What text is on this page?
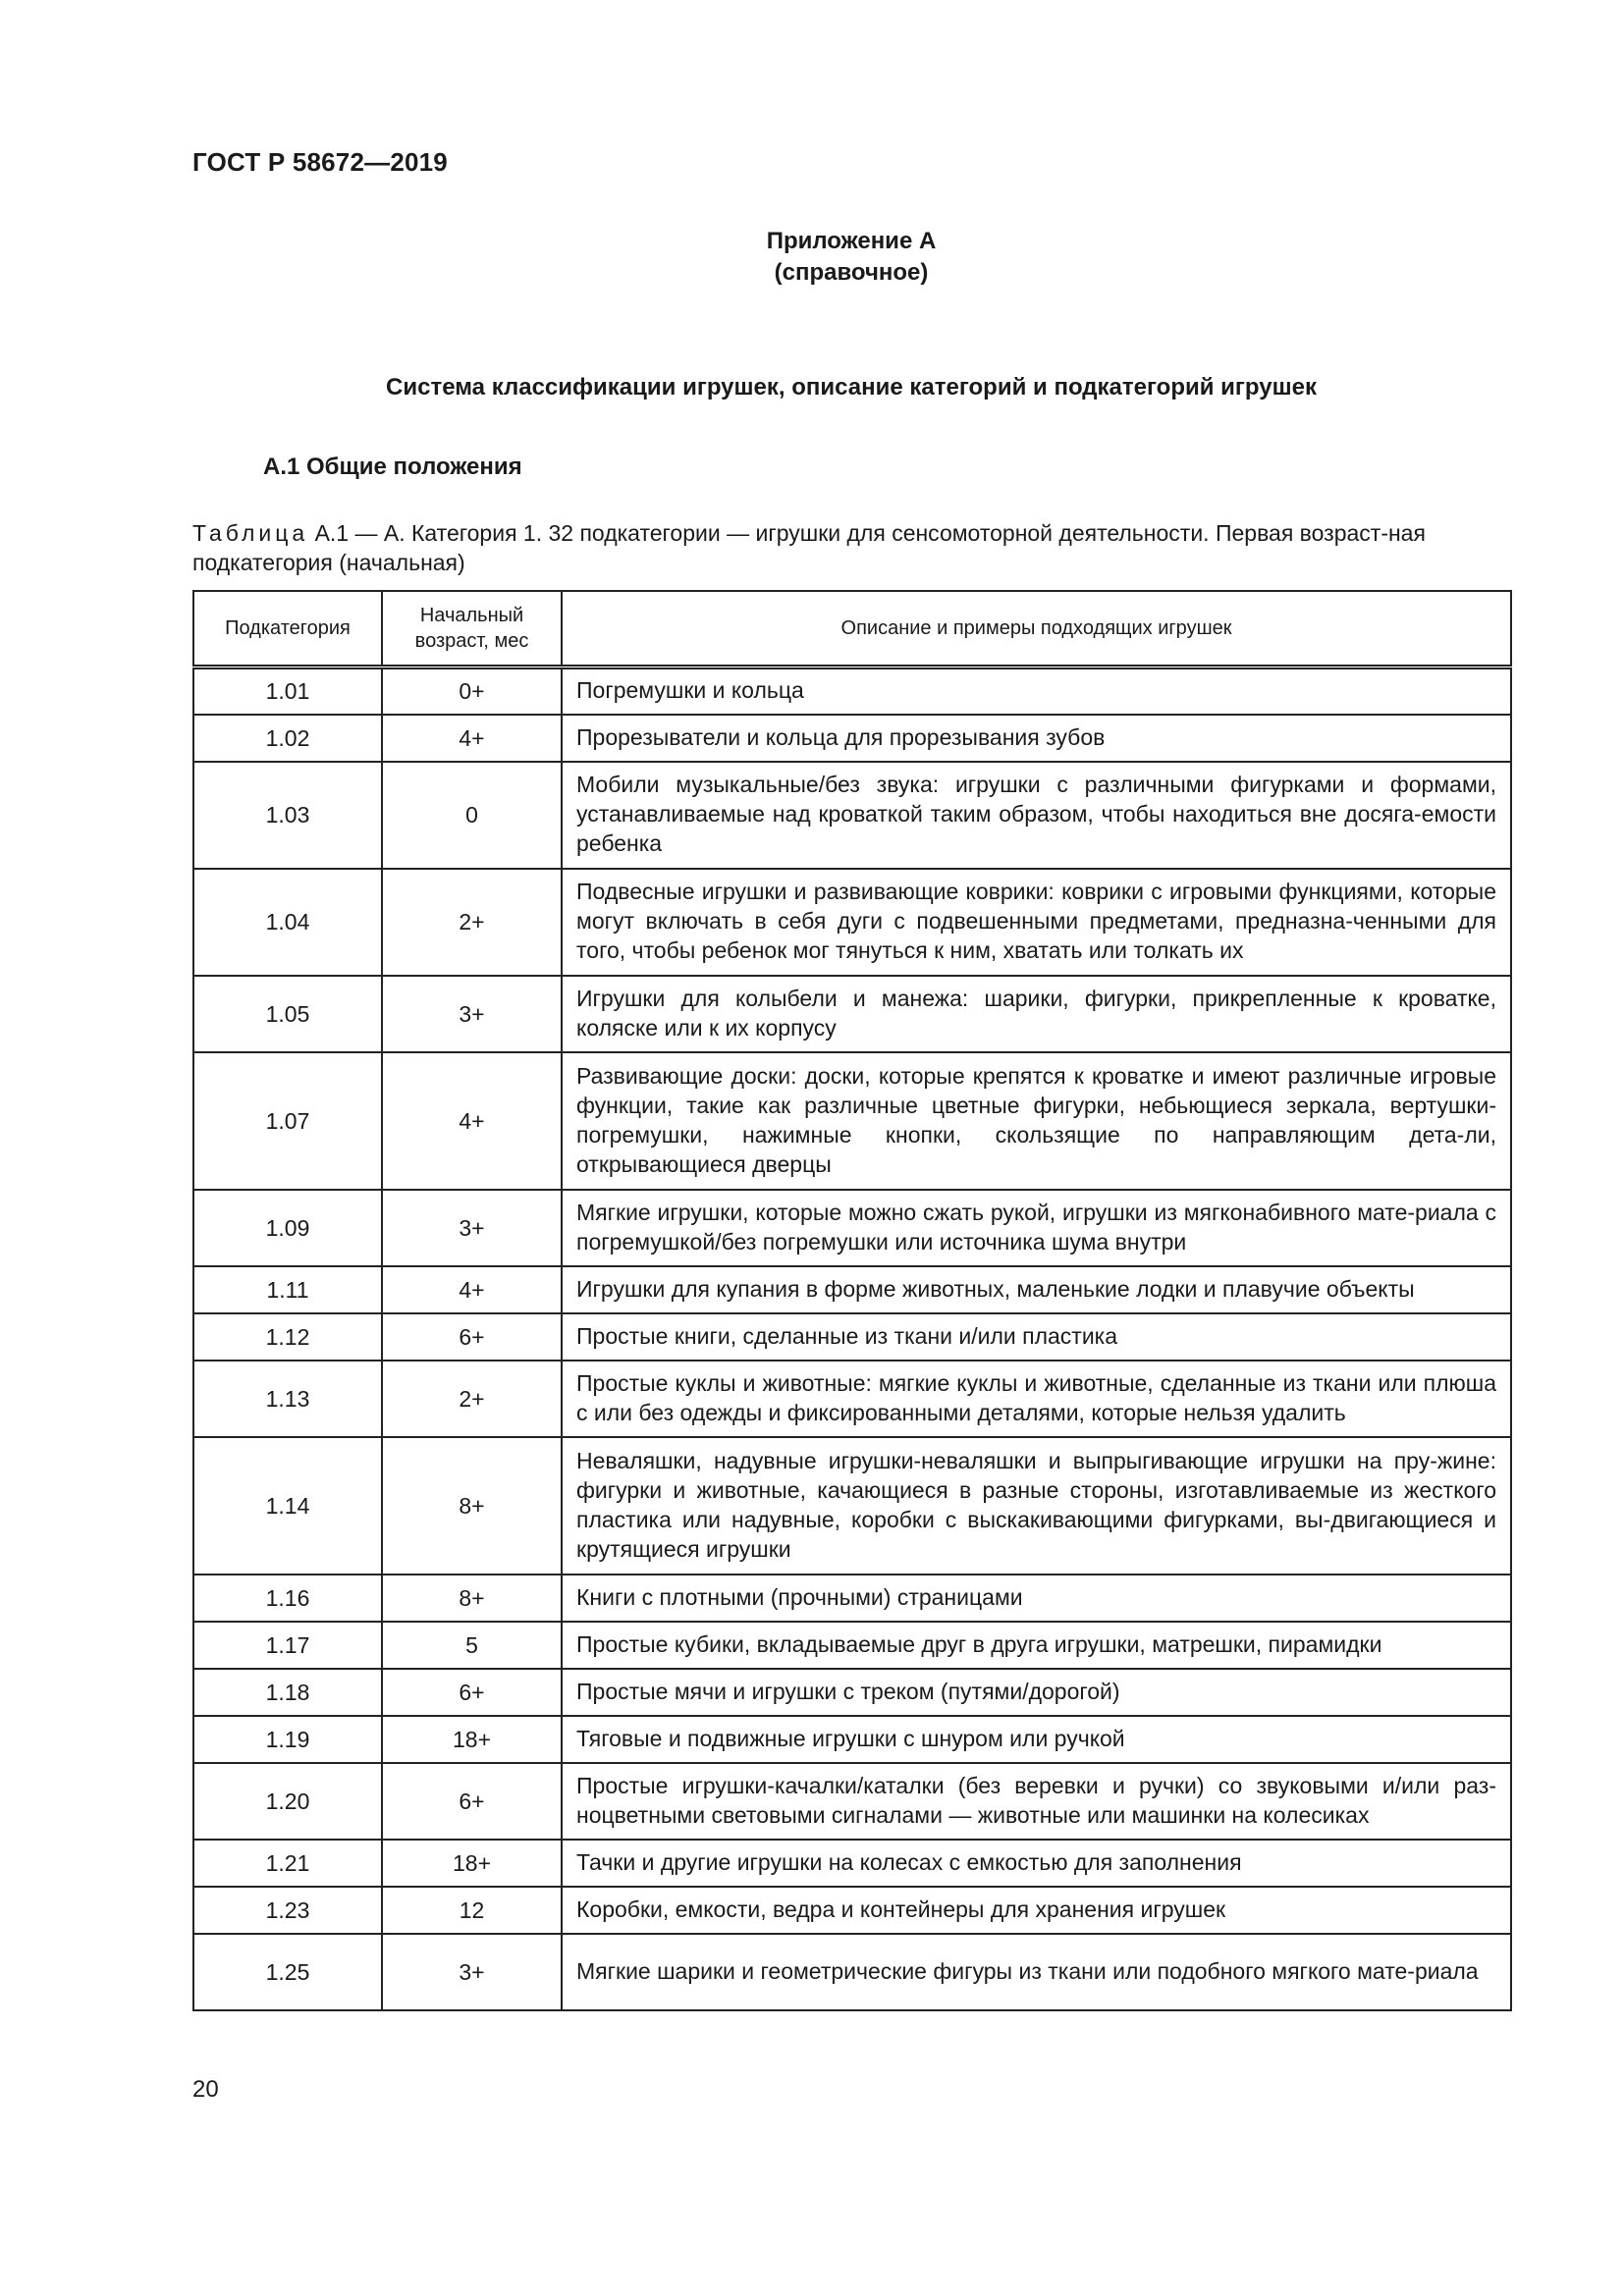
ГОСТ Р 58672—2019
Приложение А
(справочное)
Система классификации игрушек, описание категорий и подкатегорий игрушек
А.1 Общие положения
Таблица А.1 — А. Категория 1. 32 подкатегории — игрушки для сенсомоторной деятельности. Первая возраст-ная подкатегория (начальная)
Подкатегория	Начальный возраст, мес	Описание и примеры подходящих игрушек
1.01	0+	Погремушки и кольца
1.02	4+	Прорезыватели и кольца для прорезывания зубов
1.03	0	Мобили музыкальные/без звука: игрушки с различными фигурками и формами, устанавливаемые над кроваткой таким образом, чтобы находиться вне досяга-емости ребенка
1.04	2+	Подвесные игрушки и развивающие коврики: коврики с игровыми функциями, которые могут включать в себя дуги с подвешенными предметами, предназна-ченными для того, чтобы ребенок мог тянуться к ним, хватать или толкать их
1.05	3+	Игрушки для колыбели и манежа: шарики, фигурки, прикрепленные к кроватке, коляске или к их корпусу
1.07	4+	Развивающие доски: доски, которые крепятся к кроватке и имеют различные игровые функции, такие как различные цветные фигурки, небьющиеся зеркала, вертушки-погремушки, нажимные кнопки, скользящие по направляющим дета-ли, открывающиеся дверцы
1.09	3+	Мягкие игрушки, которые можно сжать рукой, игрушки из мягконабивного мате-риала с погремушкой/без погремушки или источника шума внутри
1.11	4+	Игрушки для купания в форме животных, маленькие лодки и плавучие объекты
1.12	6+	Простые книги, сделанные из ткани и/или пластика
1.13	2+	Простые куклы и животные: мягкие куклы и животные, сделанные из ткани или плюша с или без одежды и фиксированными деталями, которые нельзя удалить
1.14	8+	Неваляшки, надувные игрушки-неваляшки и выпрыгивающие игрушки на пру-жине: фигурки и животные, качающиеся в разные стороны, изготавливаемые из жесткого пластика или надувные, коробки с выскакивающими фигурками, вы-двигающиеся и крутящиеся игрушки
1.16	8+	Книги с плотными (прочными) страницами
1.17	5	Простые кубики, вкладываемые друг в друга игрушки, матрешки, пирамидки
1.18	6+	Простые мячи и игрушки с треком (путями/дорогой)
1.19	18+	Тяговые и подвижные игрушки с шнуром или ручкой
1.20	6+	Простые игрушки-качалки/каталки (без веревки и ручки) со звуковыми и/или раз-ноцветными световыми сигналами — животные или машинки на колесиках
1.21	18+	Тачки и другие игрушки на колесах с емкостью для заполнения
1.23	12	Коробки, емкости, ведра и контейнеры для хранения игрушек
1.25	3+	Мягкие шарики и геометрические фигуры из ткани или подобного мягкого мате-риала
20
